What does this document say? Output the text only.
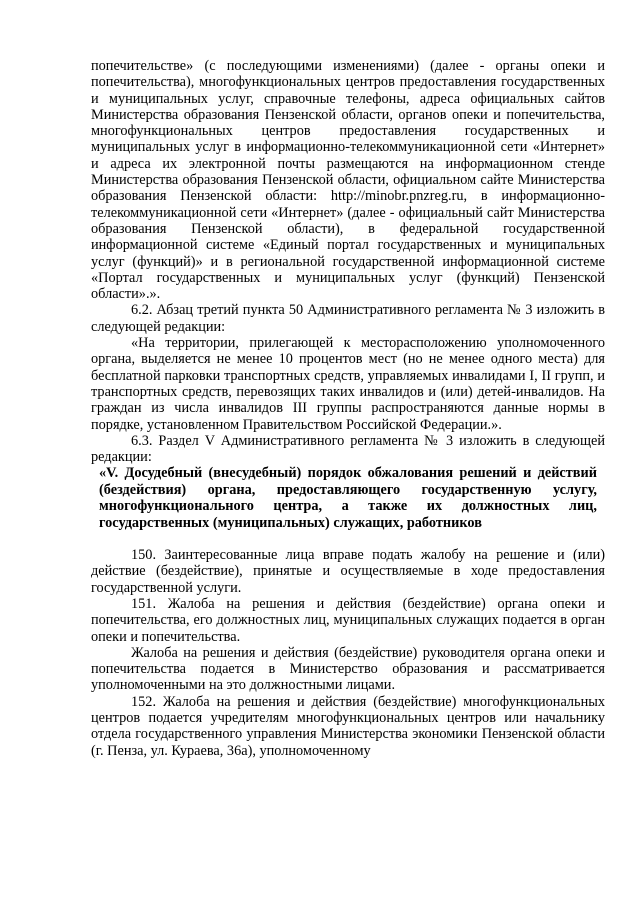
попечительстве» (с последующими изменениями) (далее - органы опеки и попечительства), многофункциональных центров предоставления государственных и муниципальных услуг, справочные телефоны, адреса официальных сайтов Министерства образования Пензенской области, органов опеки и попечительства, многофункциональных центров предоставления государственных и муниципальных услуг в информационно-телекоммуникационной сети «Интернет» и адреса их электронной почты размещаются на информационном стенде Министерства образования Пензенской области, официальном сайте Министерства образования Пензенской области: http://minobr.pnzreg.ru, в информационно-телекоммуникационной сети «Интернет» (далее - официальный сайт Министерства образования Пензенской области), в федеральной государственной информационной системе «Единый портал государственных и муниципальных услуг (функций)» и в региональной государственной информационной системе «Портал государственных и муниципальных услуг (функций) Пензенской области».».

6.2. Абзац третий пункта 50 Административного регламента № 3 изложить в следующей редакции:

«На территории, прилегающей к месторасположению уполномоченного органа, выделяется не менее 10 процентов мест (но не менее одного места) для бесплатной парковки транспортных средств, управляемых инвалидами I, II групп, и транспортных средств, перевозящих таких инвалидов и (или) детей-инвалидов. На граждан из числа инвалидов III группы распространяются данные нормы в порядке, установленном Правительством Российской Федерации.».

6.3. Раздел V Административного регламента № 3 изложить в следующей редакции:

«V. Досудебный (внесудебный) порядок обжалования решений и действий (бездействия) органа, предоставляющего государственную услугу, многофункционального центра, а также их должностных лиц, государственных (муниципальных) служащих, работников

150. Заинтересованные лица вправе подать жалобу на решение и (или) действие (бездействие), принятые и осуществляемые в ходе предоставления государственной услуги.

151. Жалоба на решения и действия (бездействие) органа опеки и попечительства, его должностных лиц, муниципальных служащих подается в орган опеки и попечительства.

Жалоба на решения и действия (бездействие) руководителя органа опеки и попечительства подается в Министерство образования и рассматривается уполномоченными на это должностными лицами.

152. Жалоба на решения и действия (бездействие) многофункциональных центров подается учредителям многофункциональных центров или начальнику отдела государственного управления Министерства экономики Пензенской области (г. Пенза, ул. Кураева, 36а), уполномоченному
